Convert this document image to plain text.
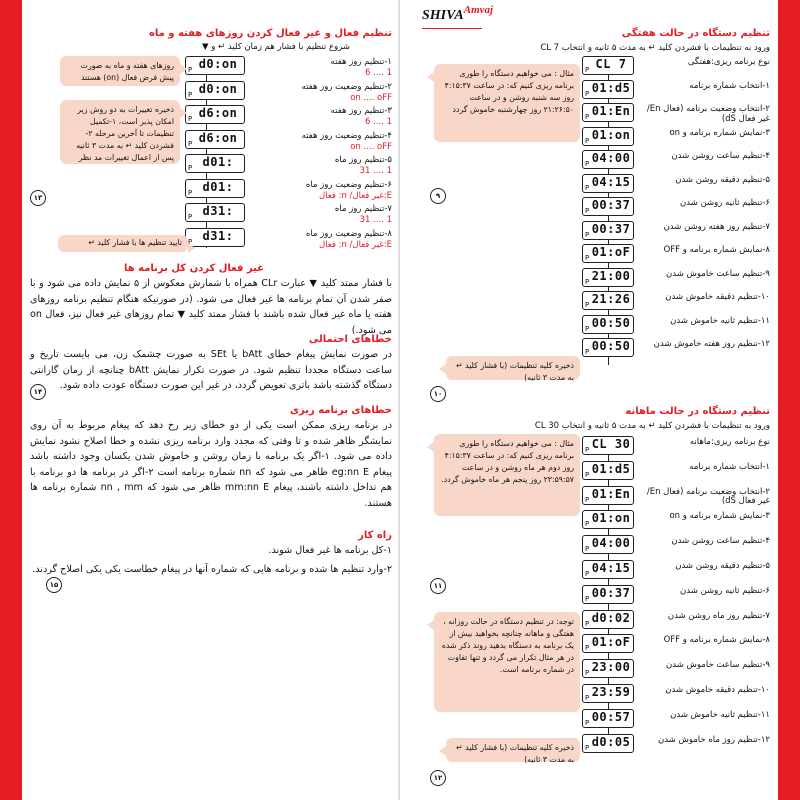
تنظیم فعال و غیر فعال کردن روزهای هفته و ماه
شروع تنظیم با فشار هم زمان کلید ↵ و ▼
d0:on
P
۱-تنظیم روز هفته
1 .... 6
d0:on
P
۲-تنظیم وضعیت روز هفته
on .... oFF
d6:on
P
۳-تنظیم روز هفته
1 .... 6
d6:on
P
۴-تنظیم وضعیت روز هفته
on .... oFF
d01:
P
۵-تنظیم روز ماه
1 .... 31
d01:
P
۶-تنظیم وضعیت روز ماه
E:غیر فعال/ n: فعال
d31:
P
۷-تنظیم روز ماه
1 .... 31
d31:
P
۸-تنظیم وضعیت روز ماه
E:غیر فعال/ n: فعال
روزهای هفته و ماه به صورت پیش فرض فعال (on) هستند
ذخیره تغییرات به دو روش زیر امکان پذیر است، ۱-تکمیل تنظیمات تا آخرین مرحله ۲-فشردن کلید ↵ به مدت ۳ ثانیه پس از اعمال تغییرات مد نظر
تایید تنظیم ها با فشار کلید ↵
۱۳
غیر فعال کردن کل برنامه ها
با فشار ممتد کلید ▼ عبارت CLr همراه با شمارش معکوس از ۵ نمایش داده می شود و با صفر شدن آن تمام برنامه ها غیر فعال می شود. (در صورتیکه هنگام تنظیم برنامه روزهای هفته یا ماه غیر فعال شده باشند با فشار ممتد کلید ▼ تمام روزهای غیر فعال نیز، فعال on می شود.)
خطاهای احتمالی
در صورت نمایش پیغام خطای bAtt یا SEt به صورت چشمک زن، می بایست تاریخ و ساعت دستگاه مجددا تنظیم شود. در صورت تکرار نمایش bAtt چنانچه از زمان گارانتی دستگاه گذشته باشد باتری تعویض گردد، در غیر این صورت دستگاه عودت داده شود.
۱۴
خطاهای برنامه ریزی
در برنامه ریزی ممکن است یکی از دو خطای زیر رخ دهد که پیغام مربوط به آن روی نمایشگر ظاهر شده و تا وقتی که مجدد وارد برنامه ریزی نشده و خطا اصلاح نشود نمایش داده می شود. ۱-اگر یک برنامه با زمان روشن و خاموش شدن یکسان وجود داشته باشد پیغام eg:nn E ظاهر می شود که nn شماره برنامه است ۲-اگر در برنامه ها دو برنامه با هم تداخل داشته باشند، پیغام mm:nn E ظاهر می شود که nn , mm شماره برنامه ها هستند.
راه کار
۱-کل برنامه ها غیر فعال شوند.
۲-وارد تنظیم ها شده و برنامه هایی که شماره آنها در پیغام خطاست یکی یکی اصلاح گردند.
۱۵
$SHIVA^{Amvaj}$
تنظیم دستگاه در حالت هفتگی
ورود به تنظیمات با فشردن کلید ↵ به مدت ۵ ثانیه و انتخاب CL 7
CL 7
P
نوع برنامه ریزی:هفتگی
01:d5
P
۱-انتخاب شماره برنامه
01:En
P
۲-انتخاب وضعیت برنامه (فعال En/غیر فعال dS)
01:on
P
۳-نمایش شماره برنامه و on
04:00
P
۴-تنظیم ساعت روشن شدن
04:15
P
۵-تنظیم دقیقه روشن شدن
00:37
P
۶-تنظیم ثانیه روشن شدن
00:37
P
۷-تنظیم روز هفته روشن شدن
01:oF
P
۸-نمایش شماره برنامه و OFF
21:00
P
۹-تنظیم ساعت خاموش شدن
21:26
P
۱۰-تنظیم دقیقه خاموش شدن
00:50
P
۱۱-تنظیم ثانیه خاموش شدن
00:50
P
۱۲-تنظیم روز هفته خاموش شدن
مثال : می خواهیم دستگاه را طوری برنامه ریزی کنیم که: در ساعت ۴:۱۵:۳۷ روز سه شنبه روشن و در ساعت ۲۱:۲۶:۵۰ روز چهارشنبه خاموش گردد
ذخیره کلیه تنظیمات (با فشار کلید ↵ به مدت ۳ ثانیه)
۹
۱۰
تنظیم دستگاه در حالت ماهانه
ورود به تنظیمات با فشردن کلید ↵ به مدت ۵ ثانیه و انتخاب CL 30
CL 30
P
نوع برنامه ریزی:ماهانه
01:d5
P
۱-انتخاب شماره برنامه
01:En
P
۲-انتخاب وضعیت برنامه (فعال En/غیر فعال dS)
01:on
P
۳-نمایش شماره برنامه و on
04:00
P
۴-تنظیم ساعت روشن شدن
04:15
P
۵-تنظیم دقیقه روشن شدن
00:37
P
۶-تنظیم ثانیه روشن شدن
d0:02
P
۷-تنظیم روز ماه روشن شدن
01:oF
P
۸-نمایش شماره برنامه و OFF
23:00
P
۹-تنظیم ساعت خاموش شدن
23:59
P
۱۰-تنظیم دقیقه خاموش شدن
00:57
P
۱۱-تنظیم ثانیه خاموش شدن
d0:05
P
۱۲-تنظیم روز ماه خاموش شدن
مثال : می خواهیم دستگاه را طوری برنامه ریزی کنیم که: در ساعت ۴:۱۵:۳۷ روز دوم هر ماه روشن و در ساعت ۲۳:۵۹:۵۷ روز پنجم هر ماه خاموش گردد.
توجه: در تنظیم دستگاه در حالت روزانه ، هفتگی و ماهانه چنانچه بخواهید بیش از یک برنامه به دستگاه بدهید روند ذکر شده در هر مثال تکرار می گردد و تنها تفاوت در شماره برنامه است.
ذخیره کلیه تنظیمات (با فشار کلید ↵ به مدت ۳ ثانیه)
۱۱
۱۲
